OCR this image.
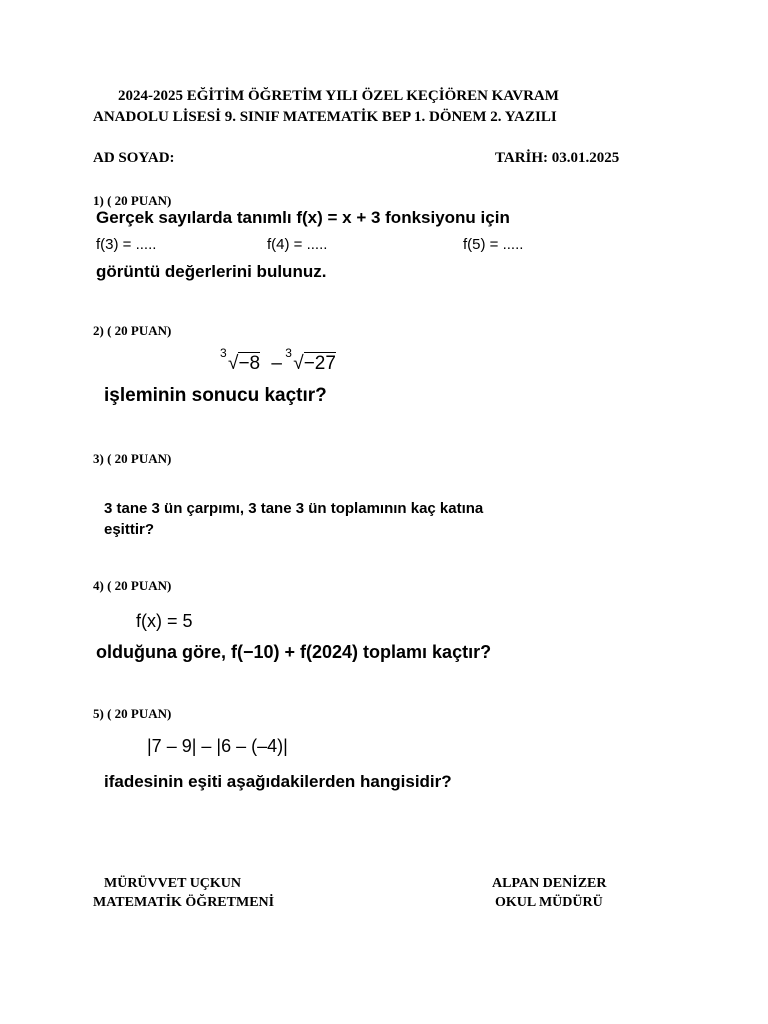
2024-2025 EĞİTİM ÖĞRETİM YILI ÖZEL KEÇİÖREN KAVRAM
ANADOLU LİSESİ 9. SINIF MATEMATİK BEP 1. DÖNEM 2. YAZILI
AD SOYAD:	TARİH: 03.01.2025
1) ( 20 PUAN)
Gerçek sayılarda tanımlı f(x) = x + 3 fonksiyonu için
f(3) = .....	f(4) = .....	f(5) = .....
görüntü değerlerini bulunuz.
2) ( 20 PUAN)
3 √−8 – 3 √−27
işleminin sonucu kaçtır?
3) ( 20 PUAN)
3 tane 3 ün çarpımı, 3 tane 3 ün toplamının kaç katına
eşittir?
4) ( 20 PUAN)
f(x) = 5
olduğuna göre, f(−10) + f(2024) toplamı kaçtır?
5) ( 20 PUAN)
|7 – 9| – |6 – (–4)|
ifadesinin eşiti aşağıdakilerden hangisidir?
MÜRÜVVET UÇKUN
MATEMATİK ÖĞRETMENİ
ALPAN DENİZER
OKUL MÜDÜRÜ
